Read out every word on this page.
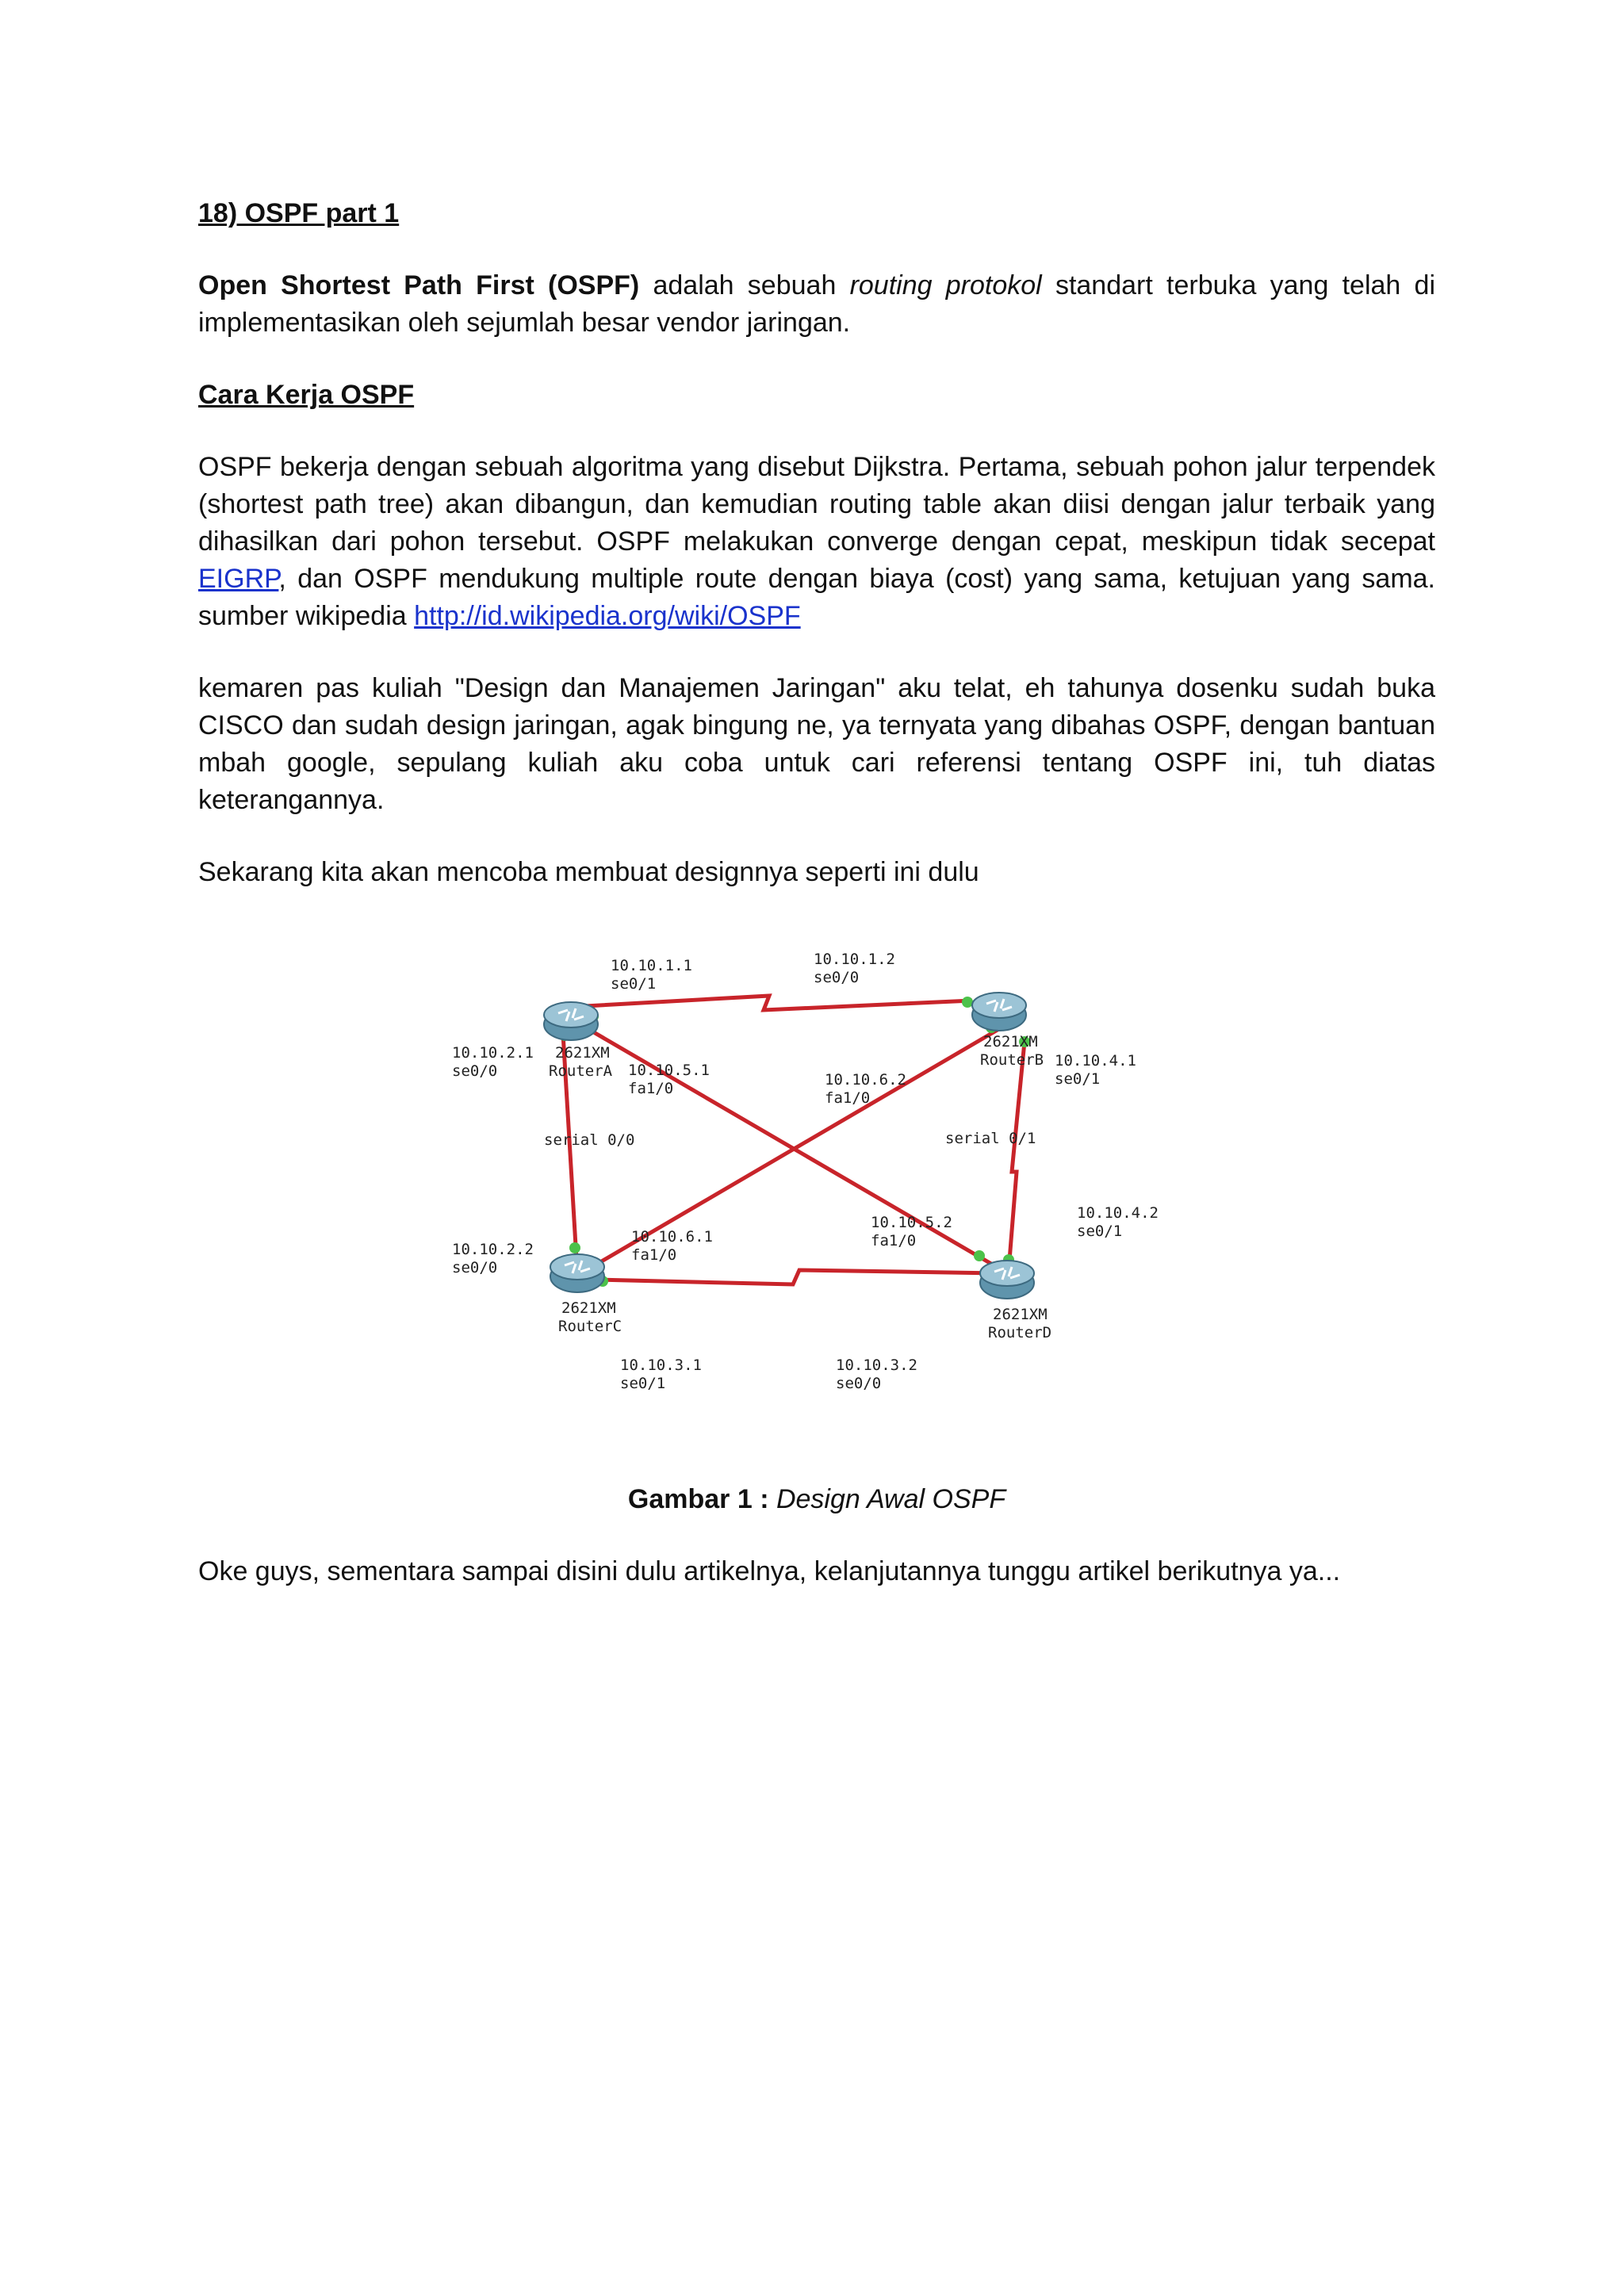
18) OSPF part 1
Open Shortest Path First (OSPF) adalah sebuah routing protokol standart terbuka yang telah di implementasikan oleh sejumlah besar vendor jaringan.
Cara Kerja OSPF
OSPF bekerja dengan sebuah algoritma yang disebut Dijkstra. Pertama, sebuah pohon jalur terpendek (shortest path tree) akan dibangun, dan kemudian routing table akan diisi dengan jalur terbaik yang dihasilkan dari pohon tersebut. OSPF melakukan converge dengan cepat, meskipun tidak secepat EIGRP, dan OSPF mendukung multiple route dengan biaya (cost) yang sama, ketujuan yang sama. sumber wikipedia http://id.wikipedia.org/wiki/OSPF
kemaren pas kuliah "Design dan Manajemen Jaringan" aku telat, eh tahunya dosenku sudah buka CISCO dan sudah design jaringan, agak bingung ne, ya ternyata yang dibahas OSPF, dengan bantuan mbah google, sepulang kuliah aku coba untuk cari referensi tentang OSPF ini, tuh diatas keterangannya.
Sekarang kita akan mencoba membuat designnya seperti ini dulu
2621XM
RouterA
2621XM
RouterB
2621XM
RouterC
2621XM
RouterD
10.10.1.1
se0/1
10.10.1.2
se0/0
10.10.2.1
se0/0	10.10.5.1
fa1/0	10.10.6.2
fa1/0
10.10.4.1
se0/1
serial 0/0	serial 0/1
10.10.6.1
fa1/0
10.10.5.2
fa1/0
10.10.4.2
se0/1
10.10.2.2
se0/0
10.10.3.1
se0/1
10.10.3.2
se0/0
Gambar 1 : Design Awal OSPF
Oke guys, sementara sampai disini dulu artikelnya, kelanjutannya tunggu artikel berikutnya ya...
